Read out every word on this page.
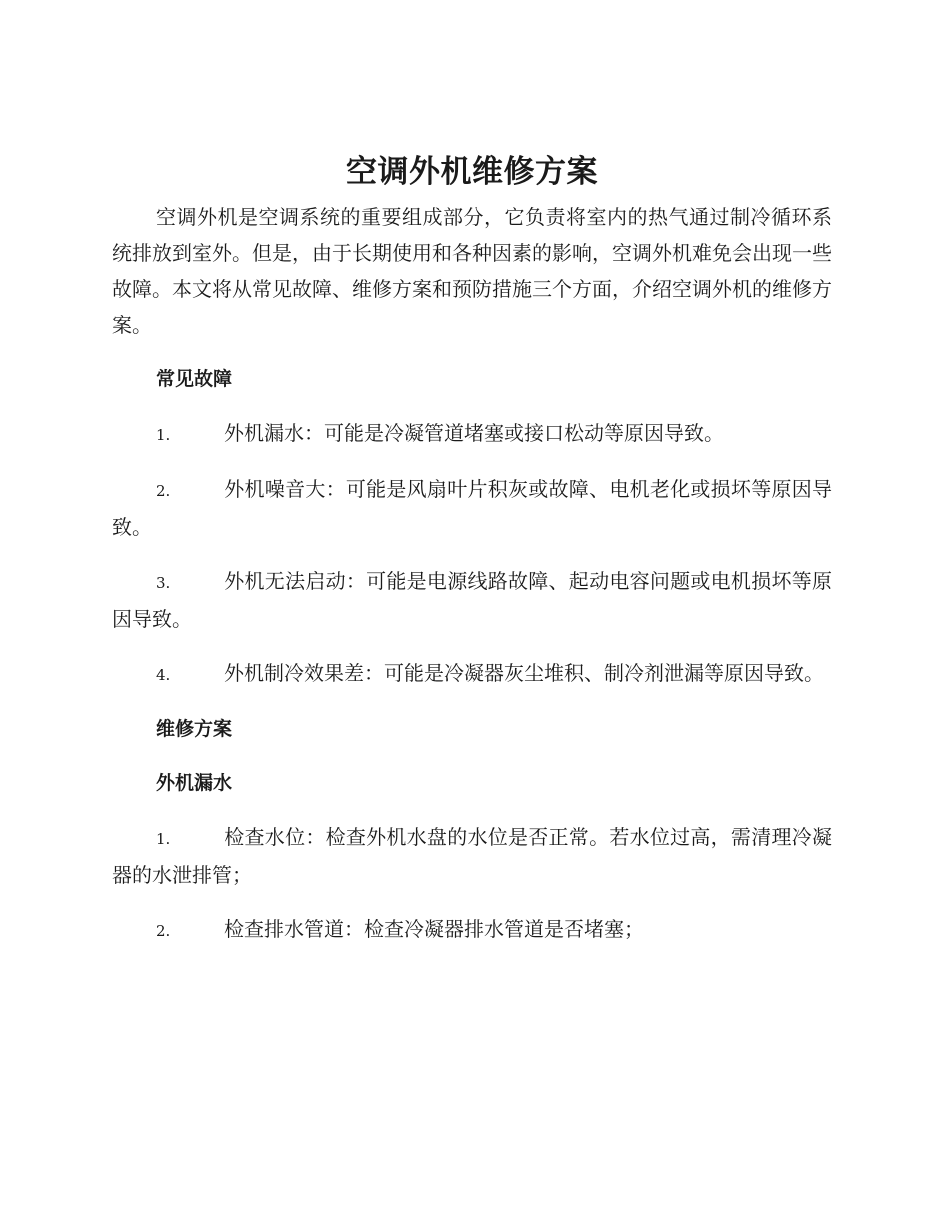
空调外机维修方案

空调外机是空调系统的重要组成部分，它负责将室内的热气通过制冷循环系统排放到室外。但是，由于长期使用和各种因素的影响，空调外机难免会出现一些故障。本文将从常见故障、维修方案和预防措施三个方面，介绍空调外机的维修方案。

常见故障

1.	外机漏水：可能是冷凝管道堵塞或接口松动等原因导致。

2.	外机噪音大：可能是风扇叶片积灰或故障、电机老化或损坏等原因导致。

3.	外机无法启动：可能是电源线路故障、起动电容问题或电机损坏等原因导致。

4.	外机制冷效果差：可能是冷凝器灰尘堆积、制冷剂泄漏等原因导致。

维修方案

外机漏水

1.	检查水位：检查外机水盘的水位是否正常。若水位过高，需清理冷凝器的水泄排管；

2.	检查排水管道：检查冷凝器排水管道是否堵塞；
